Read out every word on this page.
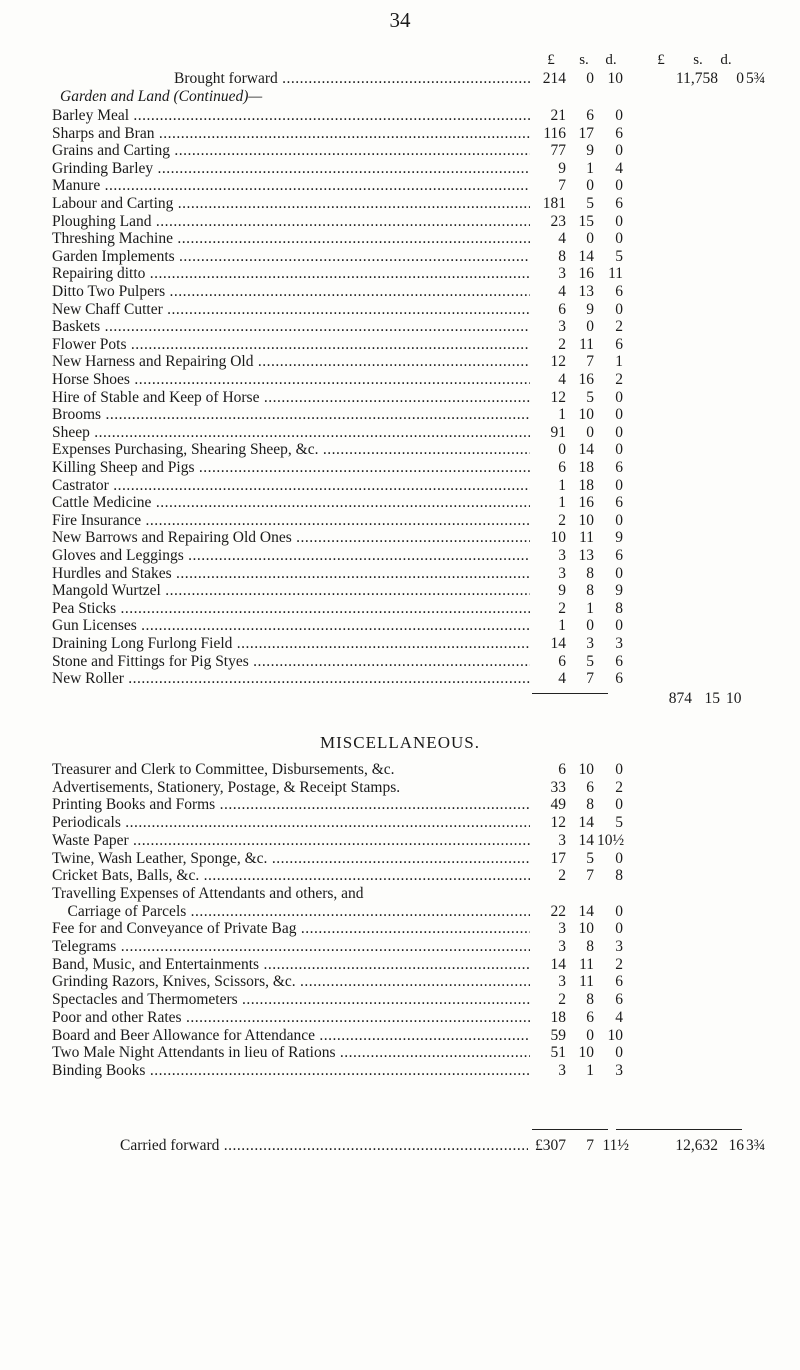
34
£	s.	d.	£	s.	d.
Brought forward .....	214	0 10	11,758	0 5¾
Garden and Land (Continued)—
Barley Meal .....	21	6	0
Sharps and Bran .....	116 17	6
Grains and Carting .....	77	9	0
Grinding Barley .....	9	1	4
Manure .....	7	0	0
Labour and Carting .....	181	5	6
Ploughing Land .....	23 15	0
Threshing Machine .....	4	0	0
Garden Implements .....	8 14	5
Repairing ditto .....	3 16 11
Ditto Two Pulpers .....	4 13	6
New Chaff Cutter .....	6	9	0
Baskets .....	3	0	2
Flower Pots .....	2 11	6
New Harness and Repairing Old .....	12	7	1
Horse Shoes .....	4 16	2
Hire of Stable and Keep of Horse .....	12	5	0
Brooms .....	1 10	0
Sheep .....	91	0	0
Expenses Purchasing, Shearing Sheep, &c. .....	0 14	0
Killing Sheep and Pigs .....	6 18	6
Castrator .....	1 18	0
Cattle Medicine .....	1 16	6
Fire Insurance .....	2 10	0
New Barrows and Repairing Old Ones .....	10 11	9
Gloves and Leggings .....	3 13	6
Hurdles and Stakes .....	3	8	0
Mangold Wurtzel .....	9	8	9
Pea Sticks .....	2	1	8
Gun Licenses .....	1	0	0
Draining Long Furlong Field .....	14	3	3
Stone and Fittings for Pig Styes .....	6	5	6
New Roller .....	4	7	6
874 15 10
MISCELLANEOUS.
Treasurer and Clerk to Committee, Disbursements, &c.	6 10	0
Advertisements, Stationery, Postage, & Receipt Stamps.	33	6	2
Printing Books and Forms .....	49	8	0
Periodicals .....	12 14	5
Waste Paper .....	3 14 10½
Twine, Wash Leather, Sponge, &c. .....	17	5	0
Cricket Bats, Balls, &c. .....	2	7	8
Travelling Expenses of Attendants and others, and
Carriage of Parcels .....	22 14	0
Fee for and Conveyance of Private Bag .....	3 10	0
Telegrams .....	3	8	3
Band, Music, and Entertainments .....	14 11	2
Grinding Razors, Knives, Scissors, &c. .....	3 11	6
Spectacles and Thermometers .....	2	8	6
Poor and other Rates .....	18	6	4
Board and Beer Allowance for Attendance .....	59	0 10
Two Male Night Attendants in lieu of Rations .....	51 10	0
Binding Books .....	3	1	3
Carried forward .....	£307	7 11½	12,632 16 3¾
